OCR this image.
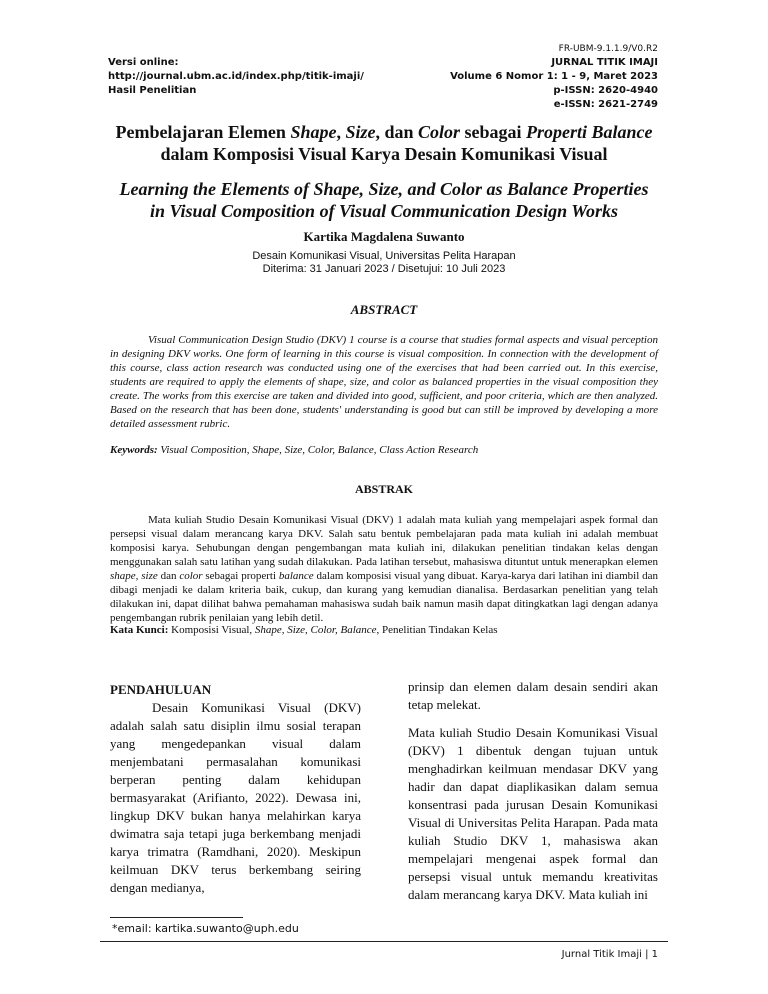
Versi online:
http://journal.ubm.ac.id/index.php/titik-imaji/
Hasil Penelitian
FR-UBM-9.1.1.9/V0.R2
JURNAL TITIK IMAJI
Volume 6 Nomor 1: 1 - 9, Maret 2023
p-ISSN: 2620-4940
e-ISSN: 2621-2749
Pembelajaran Elemen Shape, Size, dan Color sebagai Properti Balance
dalam Komposisi Visual Karya Desain Komunikasi Visual
Learning the Elements of Shape, Size, and Color as Balance Properties
in Visual Composition of Visual Communication Design Works
Kartika Magdalena Suwanto
Desain Komunikasi Visual, Universitas Pelita Harapan
Diterima: 31 Januari 2023 / Disetujui: 10 Juli 2023
ABSTRACT
Visual Communication Design Studio (DKV) 1 course is a course that studies formal aspects and visual perception in designing DKV works. One form of learning in this course is visual composition. In connection with the development of this course, class action research was conducted using one of the exercises that had been carried out. In this exercise, students are required to apply the elements of shape, size, and color as balanced properties in the visual composition they create. The works from this exercise are taken and divided into good, sufficient, and poor criteria, which are then analyzed. Based on the research that has been done, students' understanding is good but can still be improved by developing a more detailed assessment rubric.
Keywords: Visual Composition, Shape, Size, Color, Balance, Class Action Research
ABSTRAK
Mata kuliah Studio Desain Komunikasi Visual (DKV) 1 adalah mata kuliah yang mempelajari aspek formal dan persepsi visual dalam merancang karya DKV. Salah satu bentuk pembelajaran pada mata kuliah ini adalah membuat komposisi karya. Sehubungan dengan pengembangan mata kuliah ini, dilakukan penelitian tindakan kelas dengan menggunakan salah satu latihan yang sudah dilakukan. Pada latihan tersebut, mahasiswa dituntut untuk menerapkan elemen shape, size dan color sebagai properti balance dalam komposisi visual yang dibuat. Karya-karya dari latihan ini diambil dan dibagi menjadi ke dalam kriteria baik, cukup, dan kurang yang kemudian dianalisa. Berdasarkan penelitian yang telah dilakukan ini, dapat dilihat bahwa pemahaman mahasiswa sudah baik namun masih dapat ditingkatkan lagi dengan adanya pengembangan rubrik penilaian yang lebih detil.
Kata Kunci: Komposisi Visual, Shape, Size, Color, Balance, Penelitian Tindakan Kelas
PENDAHULUAN
Desain Komunikasi Visual (DKV) adalah salah satu disiplin ilmu sosial terapan yang mengedepankan visual dalam menjembatani permasalahan komunikasi berperan penting dalam kehidupan bermasyarakat (Arifianto, 2022). Dewasa ini, lingkup DKV bukan hanya melahirkan karya dwimatra saja tetapi juga berkembang menjadi karya trimatra (Ramdhani, 2020). Meskipun keilmuan DKV terus berkembang seiring dengan medianya,

prinsip dan elemen dalam desain sendiri akan tetap melekat.

Mata kuliah Studio Desain Komunikasi Visual (DKV) 1 dibentuk dengan tujuan untuk menghadirkan keilmuan mendasar DKV yang hadir dan dapat diaplikasikan dalam semua konsentrasi pada jurusan Desain Komunikasi Visual di Universitas Pelita Harapan. Pada mata kuliah Studio DKV 1, mahasiswa akan mempelajari mengenai aspek formal dan persepsi visual untuk memandu kreativitas dalam merancang karya DKV. Mata kuliah ini

*email: kartika.suwanto@uph.edu
Jurnal Titik Imaji | 1
